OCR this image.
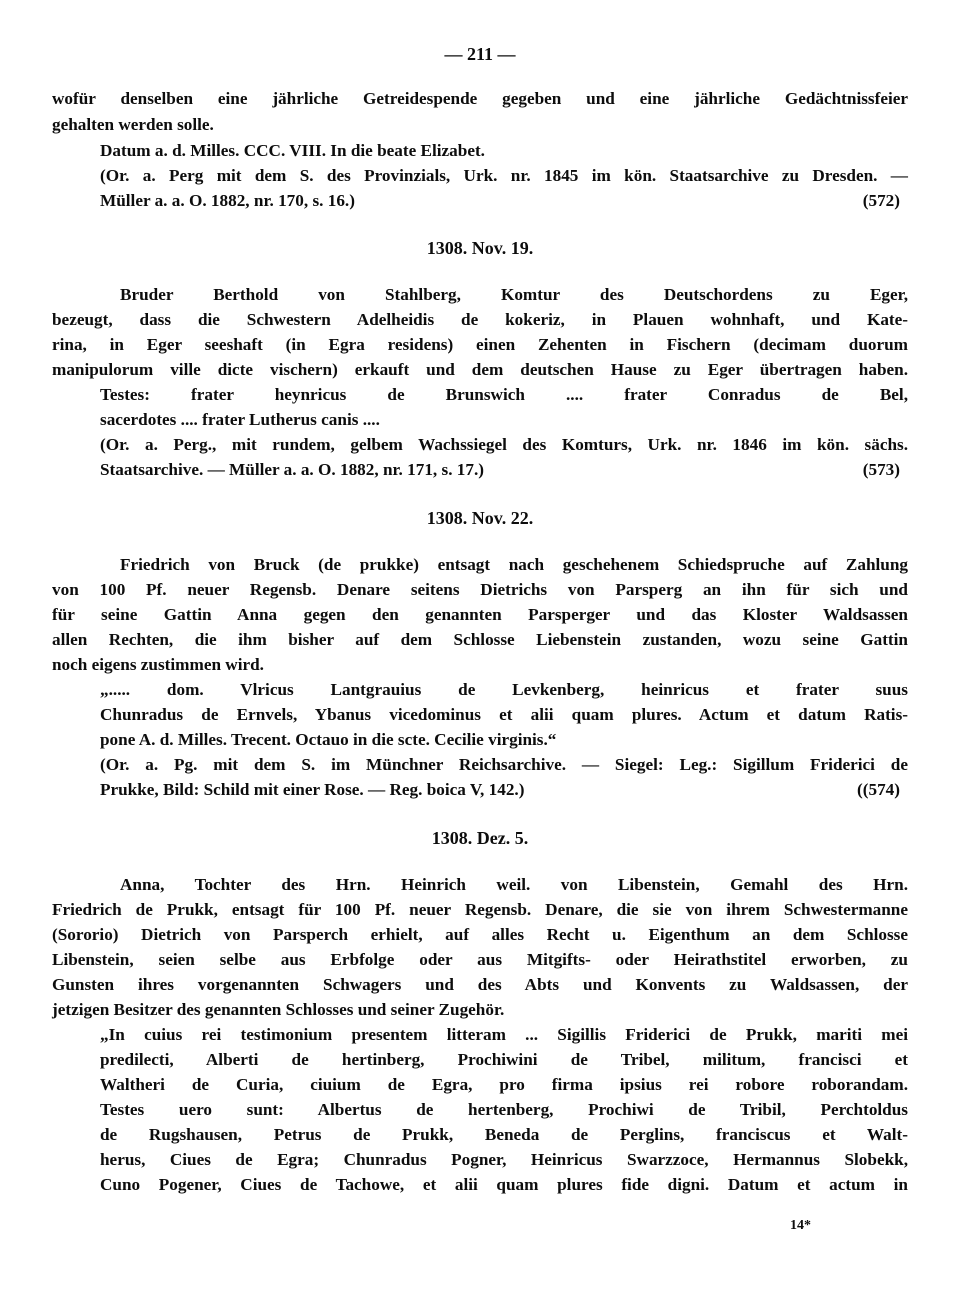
— 211 —
wofür denselben eine jährliche Getreidespende gegeben und eine jährliche Gedächtnissfeier
gehalten werden solle.
Datum a. d. Milles. CCC. VIII. In die beate Elizabet.
(Or. a. Perg mit dem S. des Provinzials, Urk. nr. 1845 im kön. Staatsarchive zu Dresden. —
Müller a. a. O. 1882, nr. 170, s. 16.)	(572)
1308. Nov. 19.
Bruder Berthold von Stahlberg, Komtur des Deutschordens zu Eger,
bezeugt, dass die Schwestern Adelheidis de kokeriz, in Plauen wohnhaft, und Kate-
rina, in Eger seeshaft (in Egra residens) einen Zehenten in Fischern (decimam duorum
manipulorum ville dicte vischern) erkauft und dem deutschen Hause zu Eger übertragen haben.
Testes: frater heynricus de Brunswich .... frater Conradus de Bel,
sacerdotes .... frater Lutherus canis ....
(Or. a. Perg., mit rundem, gelbem Wachssiegel des Komturs, Urk. nr. 1846 im kön. sächs.
Staatsarchive. — Müller a. a. O. 1882, nr. 171, s. 17.)	(573)
1308. Nov. 22.
Friedrich von Bruck (de prukke) entsagt nach geschehenem Schiedspruche auf Zahlung
von 100 Pf. neuer Regensb. Denare seitens Dietrichs von Parsperg an ihn für sich und
für seine Gattin Anna gegen den genannten Parsperger und das Kloster Waldsassen
allen Rechten, die ihm bisher auf dem Schlosse Liebenstein zustanden, wozu seine Gattin
noch eigens zustimmen wird.
„..... dom. Vlricus Lantgrauius de Levkenberg, heinricus et frater suus
Chunradus de Ernvels, Ybanus vicedominus et alii quam plures. Actum et datum Ratis-
pone A. d. Milles. Trecent. Octauo in die scte. Cecilie virginis.“
(Or. a. Pg. mit dem S. im Münchner Reichsarchive. — Siegel: Leg.: Sigillum Friderici de
Prukke, Bild: Schild mit einer Rose. — Reg. boica V, 142.)	((574)
1308. Dez. 5.
Anna, Tochter des Hrn. Heinrich weil. von Libenstein, Gemahl des Hrn.
Friedrich de Prukk, entsagt für 100 Pf. neuer Regensb. Denare, die sie von ihrem Schwestermanne
(Sororio) Dietrich von Parsperch erhielt, auf alles Recht u. Eigenthum an dem Schlosse
Libenstein, seien selbe aus Erbfolge oder aus Mitgifts- oder Heirathstitel erworben, zu
Gunsten ihres vorgenannten Schwagers und des Abts und Konvents zu Waldsassen, der
jetzigen Besitzer des genannten Schlosses und seiner Zugehör.
„In cuius rei testimonium presentem litteram ... Sigillis Friderici de Prukk, mariti mei
predilecti, Alberti de hertinberg, Prochiwini de Tribel, militum, francisci et
Waltheri de Curia, ciuium de Egra, pro firma ipsius rei robore roborandam.
Testes uero sunt: Albertus de hertenberg, Prochiwi de Tribil, Perchtoldus
de Rugshausen, Petrus de Prukk, Beneda de Perglins, franciscus et Walt-
herus, Ciues de Egra; Chunradus Pogner, Heinricus Swarzzoce, Hermannus Slobekk,
Cuno Pogener, Ciues de Tachowe, et alii quam plures fide digni. Datum et actum in
14*
